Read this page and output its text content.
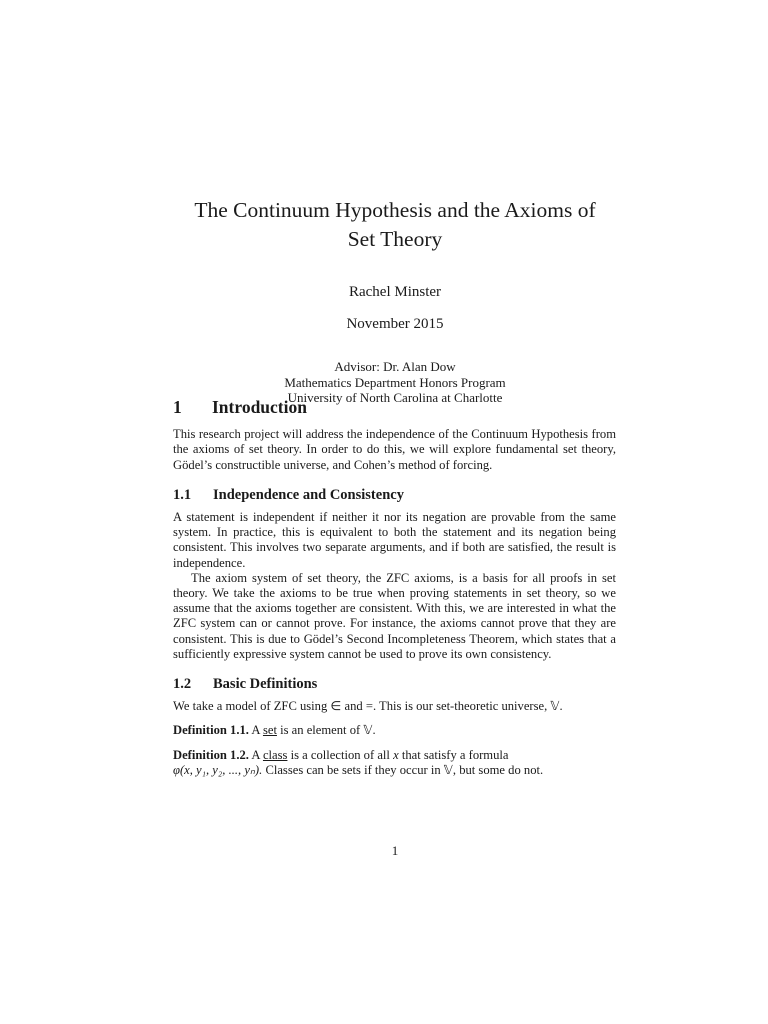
The Continuum Hypothesis and the Axioms of
Set Theory
Rachel Minster
November 2015
Advisor: Dr. Alan Dow
Mathematics Department Honors Program
University of North Carolina at Charlotte
1 Introduction

This research project will address the independence of the Continuum Hypothesis from the axioms of set theory. In order to do this, we will explore fundamental set theory, Gödel’s constructible universe, and Cohen’s method of forcing.

1.1 Independence and Consistency

A statement is independent if neither it nor its negation are provable from the same system. In practice, this is equivalent to both the statement and its negation being consistent. This involves two separate arguments, and if both are satisfied, the result is independence.

The axiom system of set theory, the ZFC axioms, is a basis for all proofs in set theory. We take the axioms to be true when proving statements in set theory, so we assume that the axioms together are consistent. With this, we are interested in what the ZFC system can or cannot prove. For instance, the axioms cannot prove that they are consistent. This is due to Gödel’s Second Incompleteness Theorem, which states that a sufficiently expressive system cannot be used to prove its own consistency.

1.2 Basic Definitions

We take a model of ZFC using ∈ and =. This is our set-theoretic universe, 𝕍.

Definition 1.1. A set is an element of 𝕍.

Definition 1.2. A class is a collection of all x that satisfy a formula
φ(x, y₁, y₂, ..., yₙ). Classes can be sets if they occur in 𝕍, but some do not.

1
